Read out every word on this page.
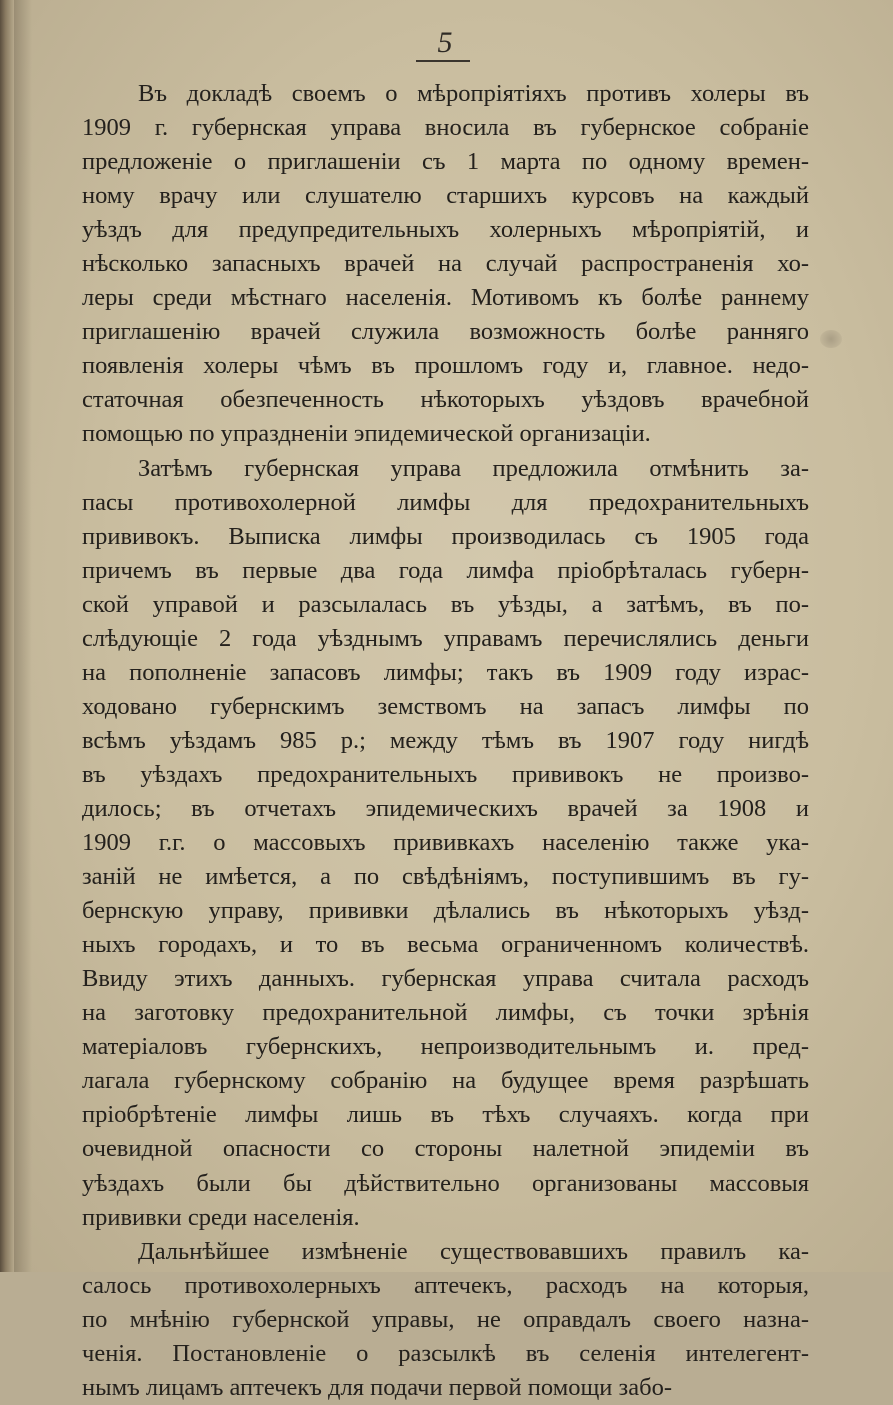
5
Въ докладѣ своемъ о мѣропріятіяхъ противъ холеры въ
1909 г. губернская управа вносила въ губернское собраніе
предложеніе о приглашеніи съ 1 марта по одному времен-
ному врачу или слушателю старшихъ курсовъ на каждый
уѣздъ для предупредительныхъ холерныхъ мѣропріятій, и
нѣсколько запасныхъ врачей на случай распространенія хо-
леры среди мѣстнаго населенія. Мотивомъ къ болѣе раннему
приглашенію врачей служила возможность болѣе ранняго
появленія холеры чѣмъ въ прошломъ году и, главное. недо-
статочная обезпеченность нѣкоторыхъ уѣздовъ врачебной
помощью по упраздненіи эпидемической организаціи.
Затѣмъ губернская управа предложила отмѣнить за-
пасы противохолерной лимфы для предохранительныхъ
прививокъ. Выписка лимфы производилась съ 1905 года
причемъ въ первые два года лимфа пріобрѣталась губерн-
ской управой и разсылалась въ уѣзды, а затѣмъ, въ по-
слѣдующіе 2 года уѣзднымъ управамъ перечислялись деньги
на пополненіе запасовъ лимфы; такъ въ 1909 году израс-
ходовано губернскимъ земствомъ на запасъ лимфы по
всѣмъ уѣздамъ 985 р.; между тѣмъ въ 1907 году нигдѣ
въ уѣздахъ предохранительныхъ прививокъ не произво-
дилось; въ отчетахъ эпидемическихъ врачей за 1908 и
1909 г.г. о массовыхъ прививкахъ населенію также ука-
заній не имѣется, а по свѣдѣніямъ, поступившимъ въ гу-
бернскую управу, прививки дѣлались въ нѣкоторыхъ уѣзд-
ныхъ городахъ, и то въ весьма ограниченномъ количествѣ.
Ввиду этихъ данныхъ. губернская управа считала расходъ
на заготовку предохранительной лимфы, съ точки зрѣнія
матеріаловъ губернскихъ, непроизводительнымъ и. пред-
лагала губернскому собранію на будущее время разрѣшать
пріобрѣтеніе лимфы лишь въ тѣхъ случаяхъ. когда при
очевидной опасности со стороны налетной эпидеміи въ
уѣздахъ были бы дѣйствительно организованы массовыя
прививки среди населенія.
Дальнѣйшее измѣненіе существовавшихъ правилъ ка-
салось противохолерныхъ аптечекъ, расходъ на которыя,
по мнѣнію губернской управы, не оправдалъ своего назна-
ченія. Постановленіе о разсылкѣ въ селенія интелегент-
нымъ лицамъ аптечекъ для подачи первой помощи забо-
